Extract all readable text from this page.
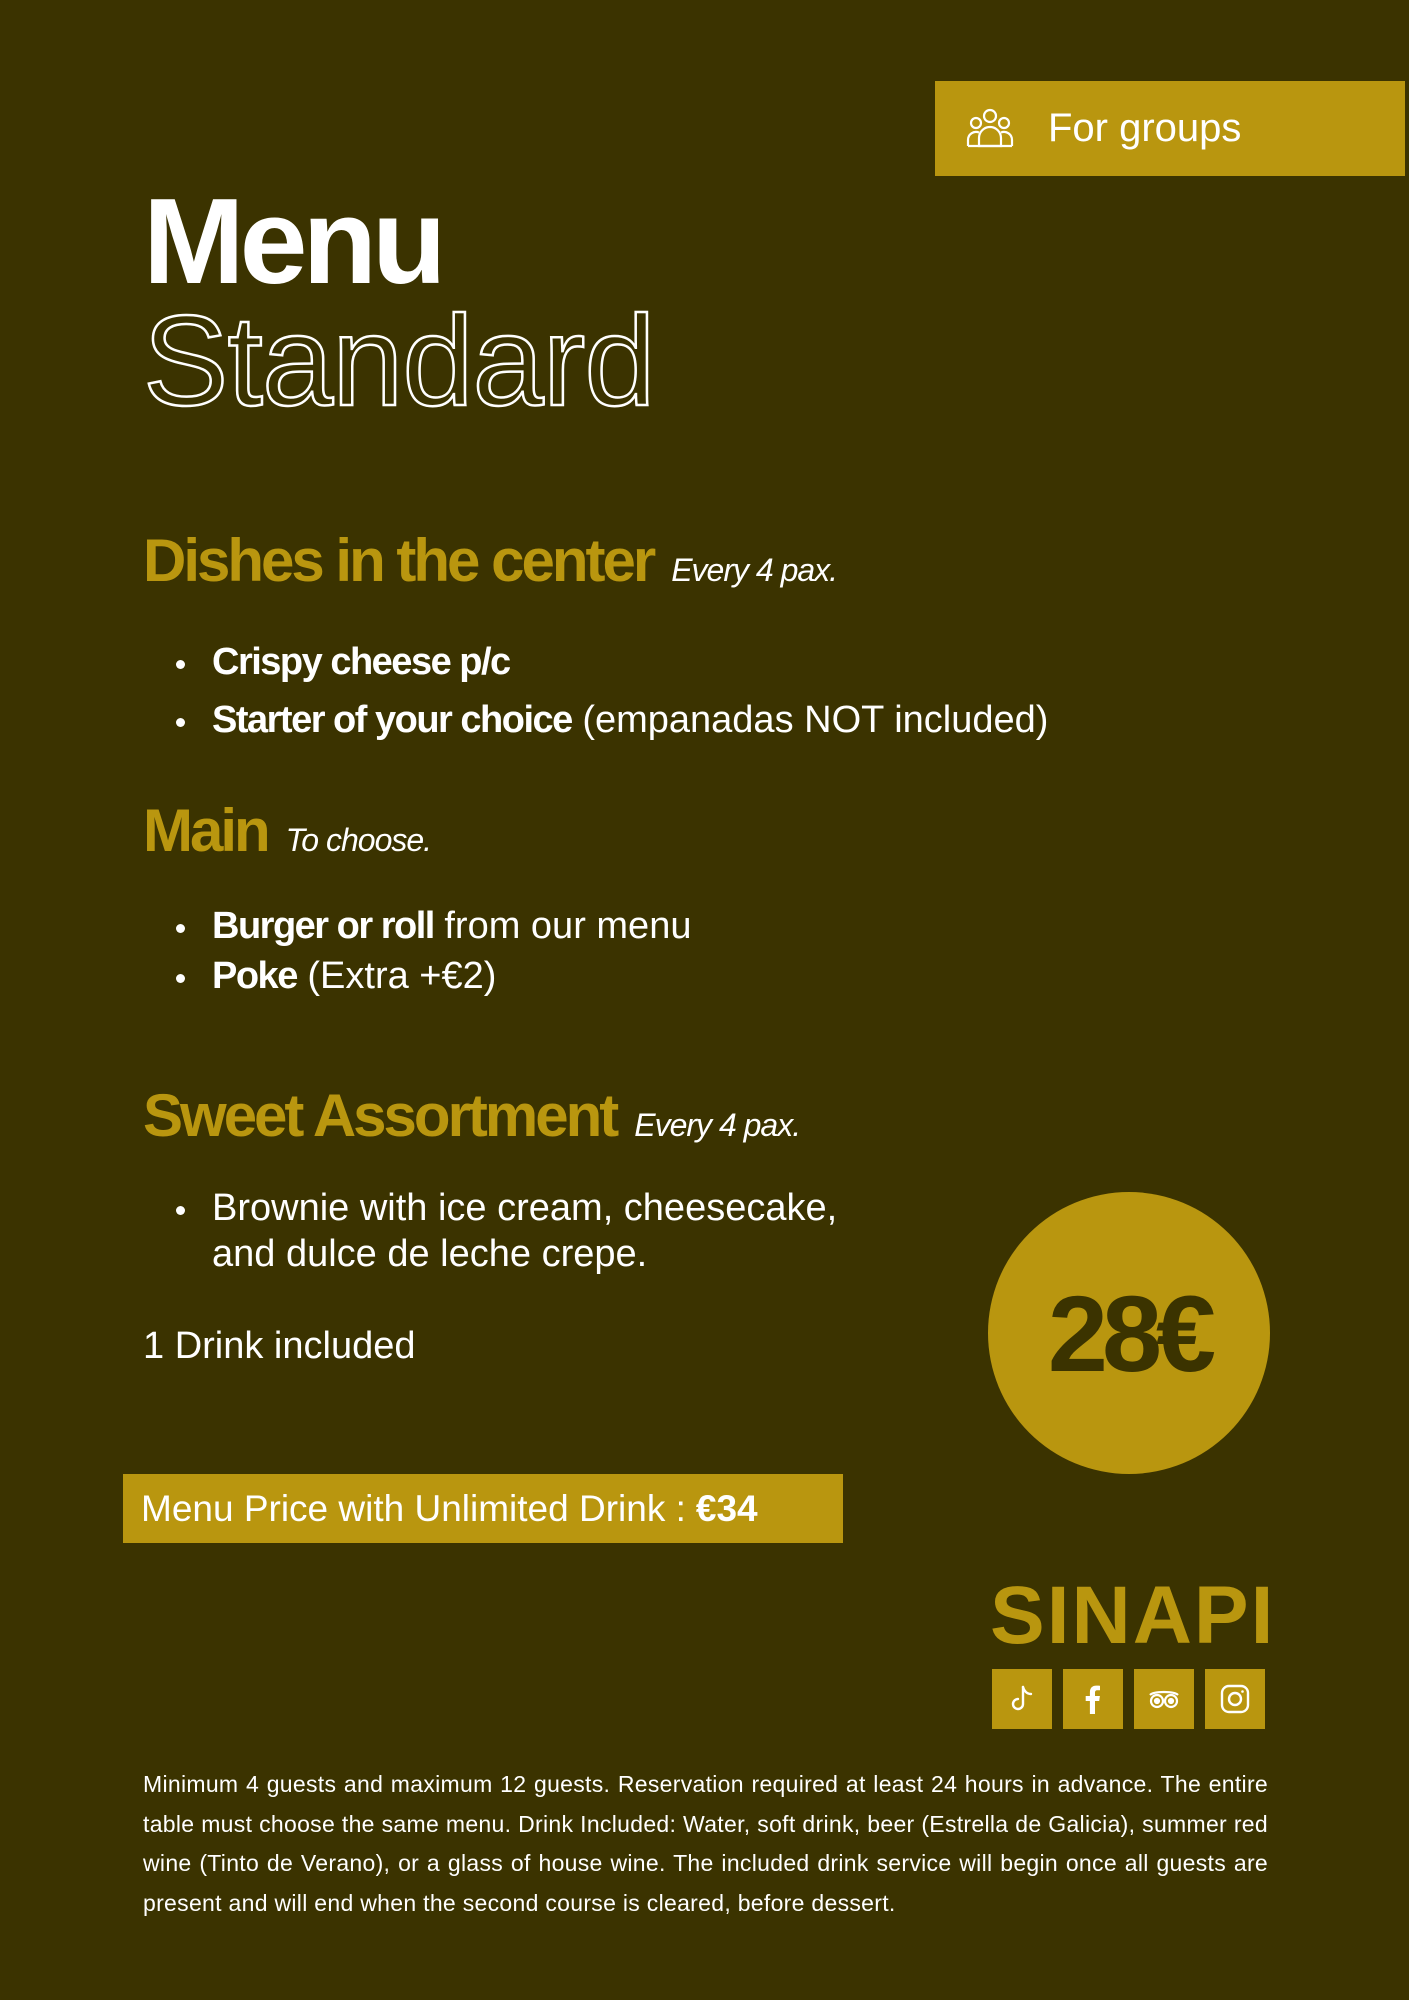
For groups
Menu
Standard
Dishes in the center Every 4 pax.
Crispy cheese p/c
Starter of your choice (empanadas NOT included)
Main To choose.
Burger or roll from our menu
Poke (Extra +€2)
Sweet Assortment Every 4 pax.
Brownie with ice cream, cheesecake,
and dulce de leche crepe.
1 Drink included	28€
Menu Price with Unlimited Drink : €34
SINAPI
Minimum 4 guests and maximum 12 guests. Reservation required at least 24 hours in advance. The entire table must choose the same menu. Drink Included: Water, soft drink, beer (Estrella de Galicia), summer red wine (Tinto de Verano), or a glass of house wine. The included drink service will begin once all guests are present and will end when the second course is cleared, before dessert.
